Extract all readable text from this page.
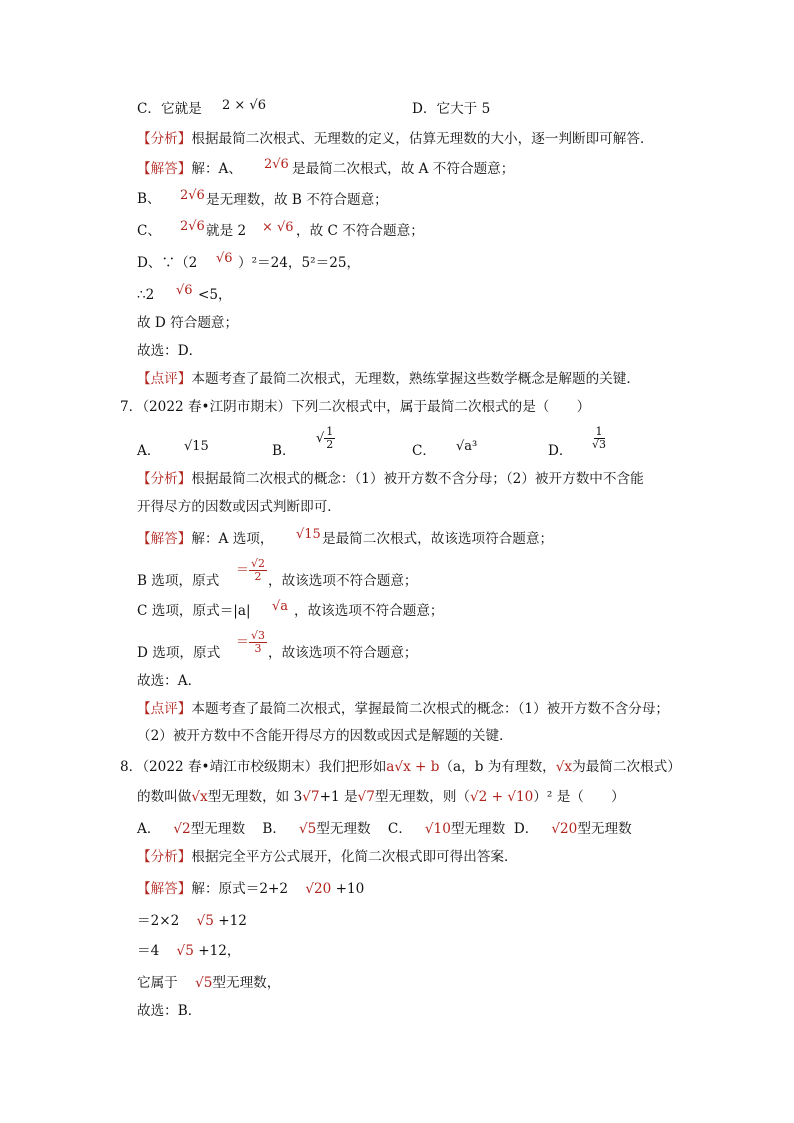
C．它就是 2 × √6	D．它大于 5
【分析】根据最简二次根式、无理数的定义，估算无理数的大小，逐一判断即可解答．
【解答】解：A、 2√6 是最简二次根式，故 A 不符合题意；
B、 2√6 是无理数，故 B 不符合题意；
C、 2√6 就是 2 × √6 ，故 C 不符合题意；
D、∵（2 √6 ）²＝24，5²＝25，
∴2 √6 <5，
故 D 符合题意；
故选：D．
【点评】本题考查了最简二次根式，无理数，熟练掌握这些数学概念是解题的关键．
7．（2022 春•江阴市期末）下列二次根式中，属于最简二次根式的是（　　）
A． √15	B．
√ $\frac{1}{2}$	C． √a³	D． $\frac{1}{√3}$
【分析】根据最简二次根式的概念：（1）被开方数不含分母；（2）被开方数中不含能
开得尽方的因数或因式判断即可．
【解答】解：A 选项， √15 是最简二次根式，故该选项符合题意；
B 选项，原式
＝ $\frac{√2}{2}$ ，故该选项不符合题意；
C 选项，原式＝|a| √a ，故该选项不符合题意；
D 选项，原式
＝ $\frac{√3}{3}$ ，故该选项不符合题意；
故选：A．
【点评】本题考查了最简二次根式，掌握最简二次根式的概念：（1）被开方数不含分母；
（2）被开方数中不含能开得尽方的因数或因式是解题的关键．
8．（2022 春•靖江市校级期末）我们把形如a√x + b（a，b 为有理数，√x为最简二次根式）
的数叫做√x型无理数，如 3√7+1 是√7型无理数，则（√2 + √10）² 是（　　）
A． √2型无理数 B． √5型无理数 C． √10型无理数 D． √20型无理数
【分析】根据完全平方公式展开，化简二次根式即可得出答案．
【解答】解：原式＝2+2 √20 +10
＝2×2 √5 +12
＝4 √5 +12，
它属于 √5型无理数，
故选：B．
